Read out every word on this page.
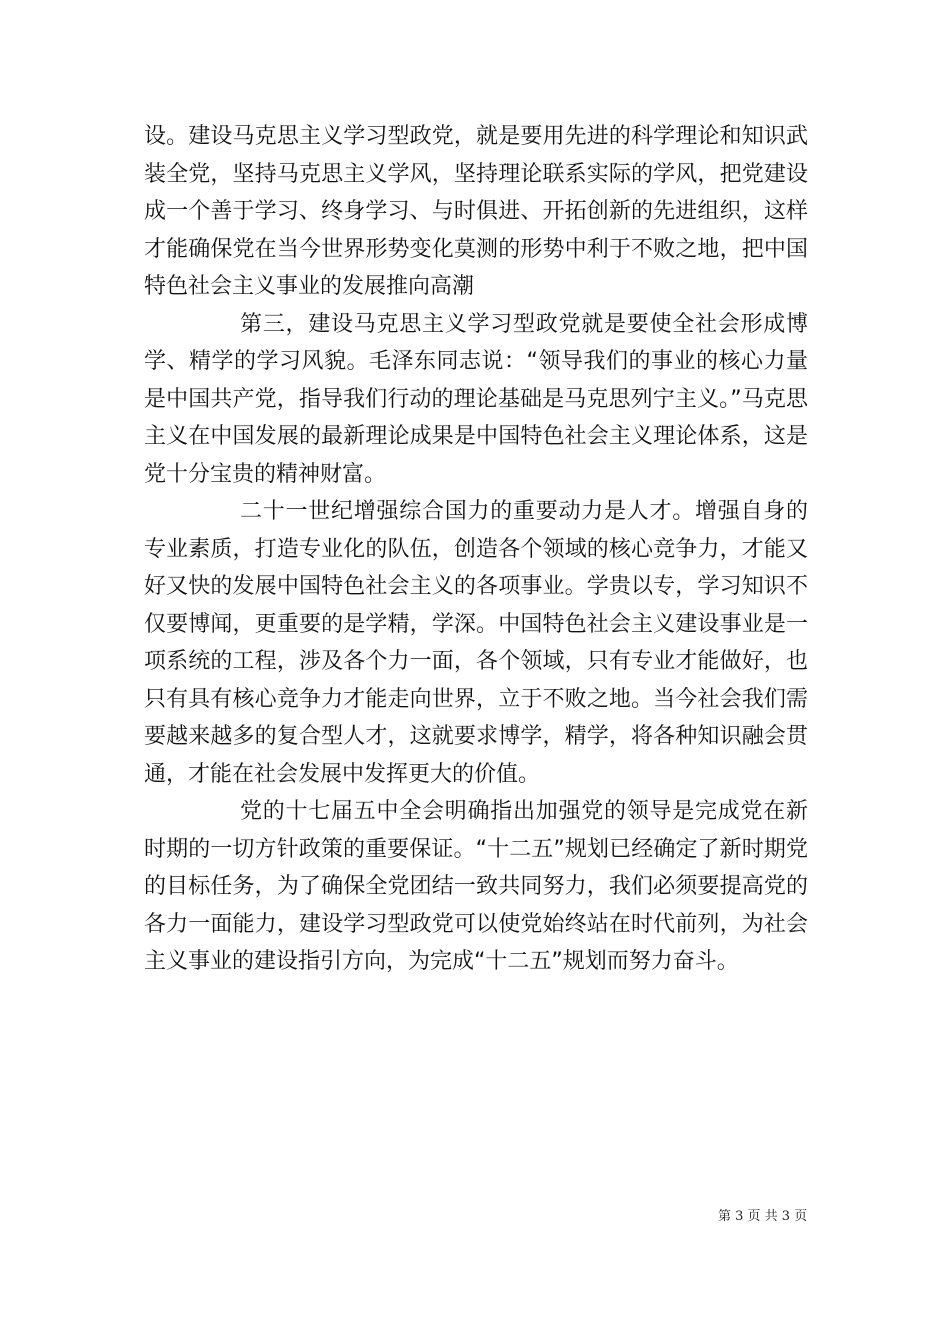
设。建设马克思主义学习型政党，就是要用先进的科学理论和知识武装全党，坚持马克思主义学风，坚持理论联系实际的学风，把党建设成一个善于学习、终身学习、与时俱进、开拓创新的先进组织，这样才能确保党在当今世界形势变化莫测的形势中利于不败之地，把中国特色社会主义事业的发展推向高潮

第三，建设马克思主义学习型政党就是要使全社会形成博学、精学的学习风貌。毛泽东同志说：“领导我们的事业的核心力量是中国共产党，指导我们行动的理论基础是马克思列宁主义。”马克思主义在中国发展的最新理论成果是中国特色社会主义理论体系，这是党十分宝贵的精神财富。

二十一世纪增强综合国力的重要动力是人才。增强自身的专业素质，打造专业化的队伍，创造各个领域的核心竞争力，才能又好又快的发展中国特色社会主义的各项事业。学贵以专，学习知识不仅要博闻，更重要的是学精，学深。中国特色社会主义建设事业是一项系统的工程，涉及各个力一面，各个领域，只有专业才能做好，也只有具有核心竞争力才能走向世界，立于不败之地。当今社会我们需要越来越多的复合型人才，这就要求博学，精学，将各种知识融会贯通，才能在社会发展中发挥更大的价值。

党的十七届五中全会明确指出加强党的领导是完成党在新时期的一切方针政策的重要保证。“十二五”规划已经确定了新时期党的目标任务，为了确保全党团结一致共同努力，我们必须要提高党的各力一面能力，建设学习型政党可以使党始终站在时代前列，为社会主义事业的建设指引方向，为完成“十二五”规划而努力奋斗。

第 3 页 共 3 页
